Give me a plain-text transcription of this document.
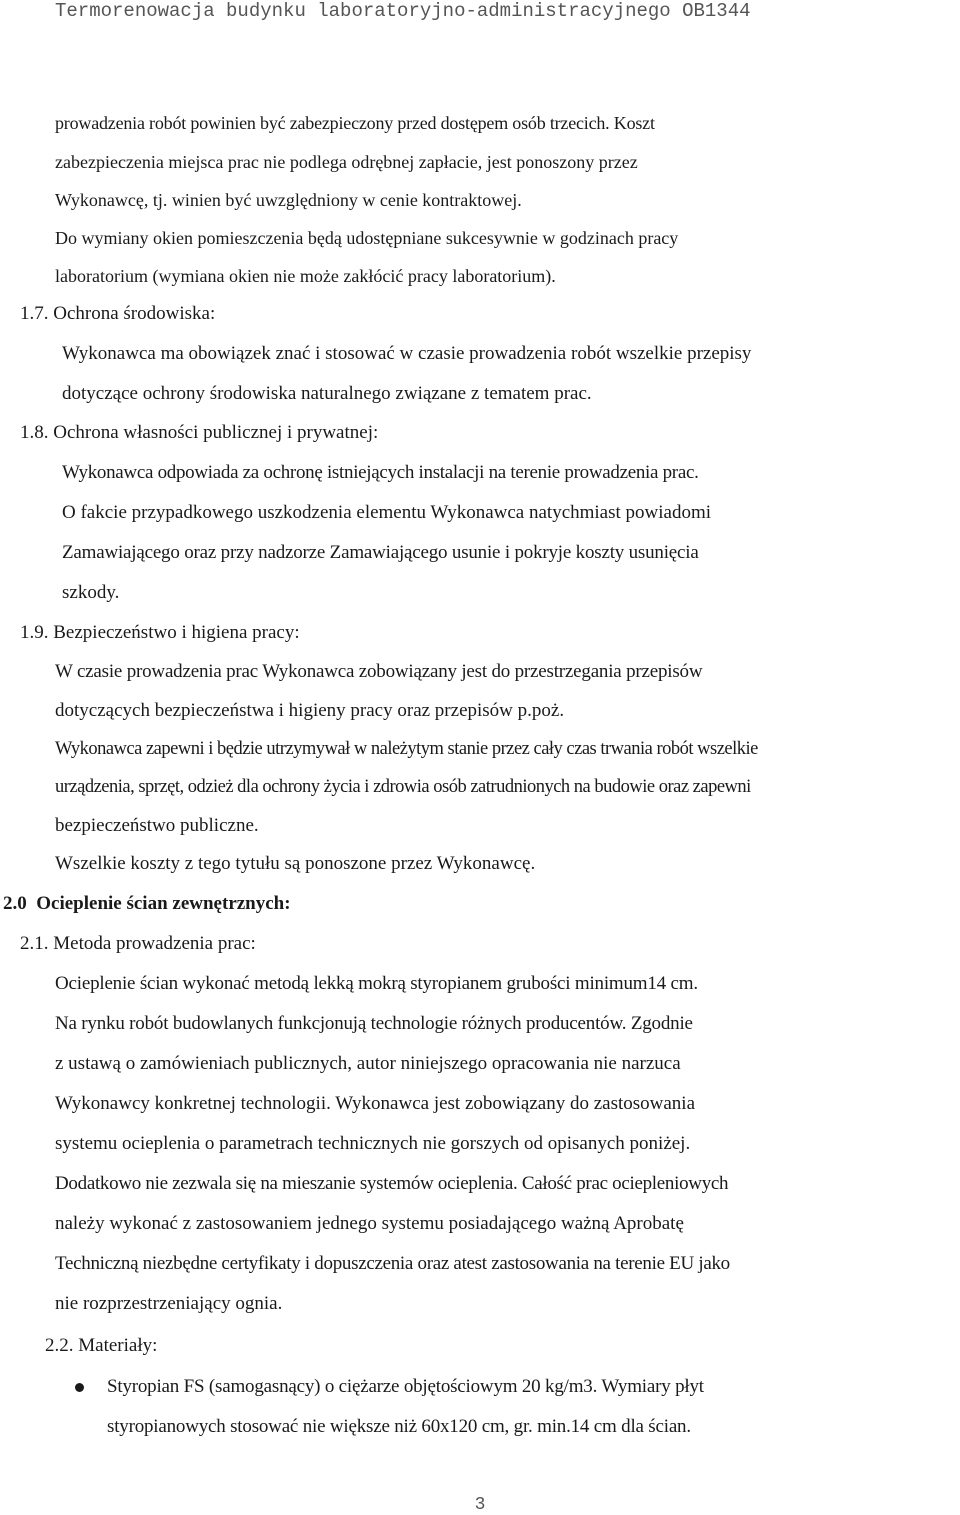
Termorenowacja budynku laboratoryjno-administracyjnego OB1344
prowadzenia robót powinien być zabezpieczony przed dostępem osób trzecich. Koszt
zabezpieczenia miejsca prac nie podlega odrębnej zapłacie, jest ponoszony przez
Wykonawcę, tj. winien być uwzględniony w cenie kontraktowej.
Do wymiany okien pomieszczenia będą udostępniane sukcesywnie w godzinach pracy
laboratorium (wymiana okien nie może zakłócić pracy laboratorium).
1.7. Ochrona środowiska:
Wykonawca ma obowiązek znać i stosować w czasie prowadzenia robót wszelkie przepisy
dotyczące ochrony środowiska naturalnego związane z tematem prac.
1.8. Ochrona własności publicznej i prywatnej:
Wykonawca odpowiada za ochronę istniejących instalacji na terenie prowadzenia prac.
O fakcie przypadkowego uszkodzenia elementu Wykonawca natychmiast powiadomi
Zamawiającego oraz przy nadzorze Zamawiającego usunie i pokryje koszty usunięcia
szkody.
1.9. Bezpieczeństwo i higiena pracy:
W czasie prowadzenia prac Wykonawca zobowiązany jest do przestrzegania przepisów
dotyczących bezpieczeństwa i higieny pracy oraz przepisów p.poż.
Wykonawca zapewni i będzie utrzymywał w należytym stanie przez cały czas trwania robót wszelkie
urządzenia, sprzęt, odzież dla ochrony życia i zdrowia osób zatrudnionych na budowie oraz zapewni
bezpieczeństwo publiczne.
Wszelkie koszty z tego tytułu są ponoszone przez Wykonawcę.
2.0  Ocieplenie ścian zewnętrznych:
2.1. Metoda prowadzenia prac:
Ocieplenie ścian wykonać metodą lekką mokrą styropianem grubości minimum14 cm.
Na rynku robót budowlanych funkcjonują technologie różnych producentów. Zgodnie
z ustawą o zamówieniach publicznych, autor niniejszego opracowania nie narzuca
Wykonawcy konkretnej technologii. Wykonawca jest zobowiązany do zastosowania
systemu ocieplenia o parametrach technicznych nie gorszych od opisanych poniżej.
Dodatkowo nie zezwala się na mieszanie systemów ocieplenia. Całość prac ociepleniowych
należy wykonać z zastosowaniem jednego systemu posiadającego ważną Aprobatę
Techniczną niezbędne certyfikaty i dopuszczenia oraz atest zastosowania na terenie EU jako
nie rozprzestrzeniający ognia.
2.2. Materiały:
Styropian FS (samogasnący) o ciężarze objętościowym 20 kg/m3. Wymiary płyt
styropianowych stosować nie większe niż 60x120 cm, gr. min.14 cm dla ścian.
3
